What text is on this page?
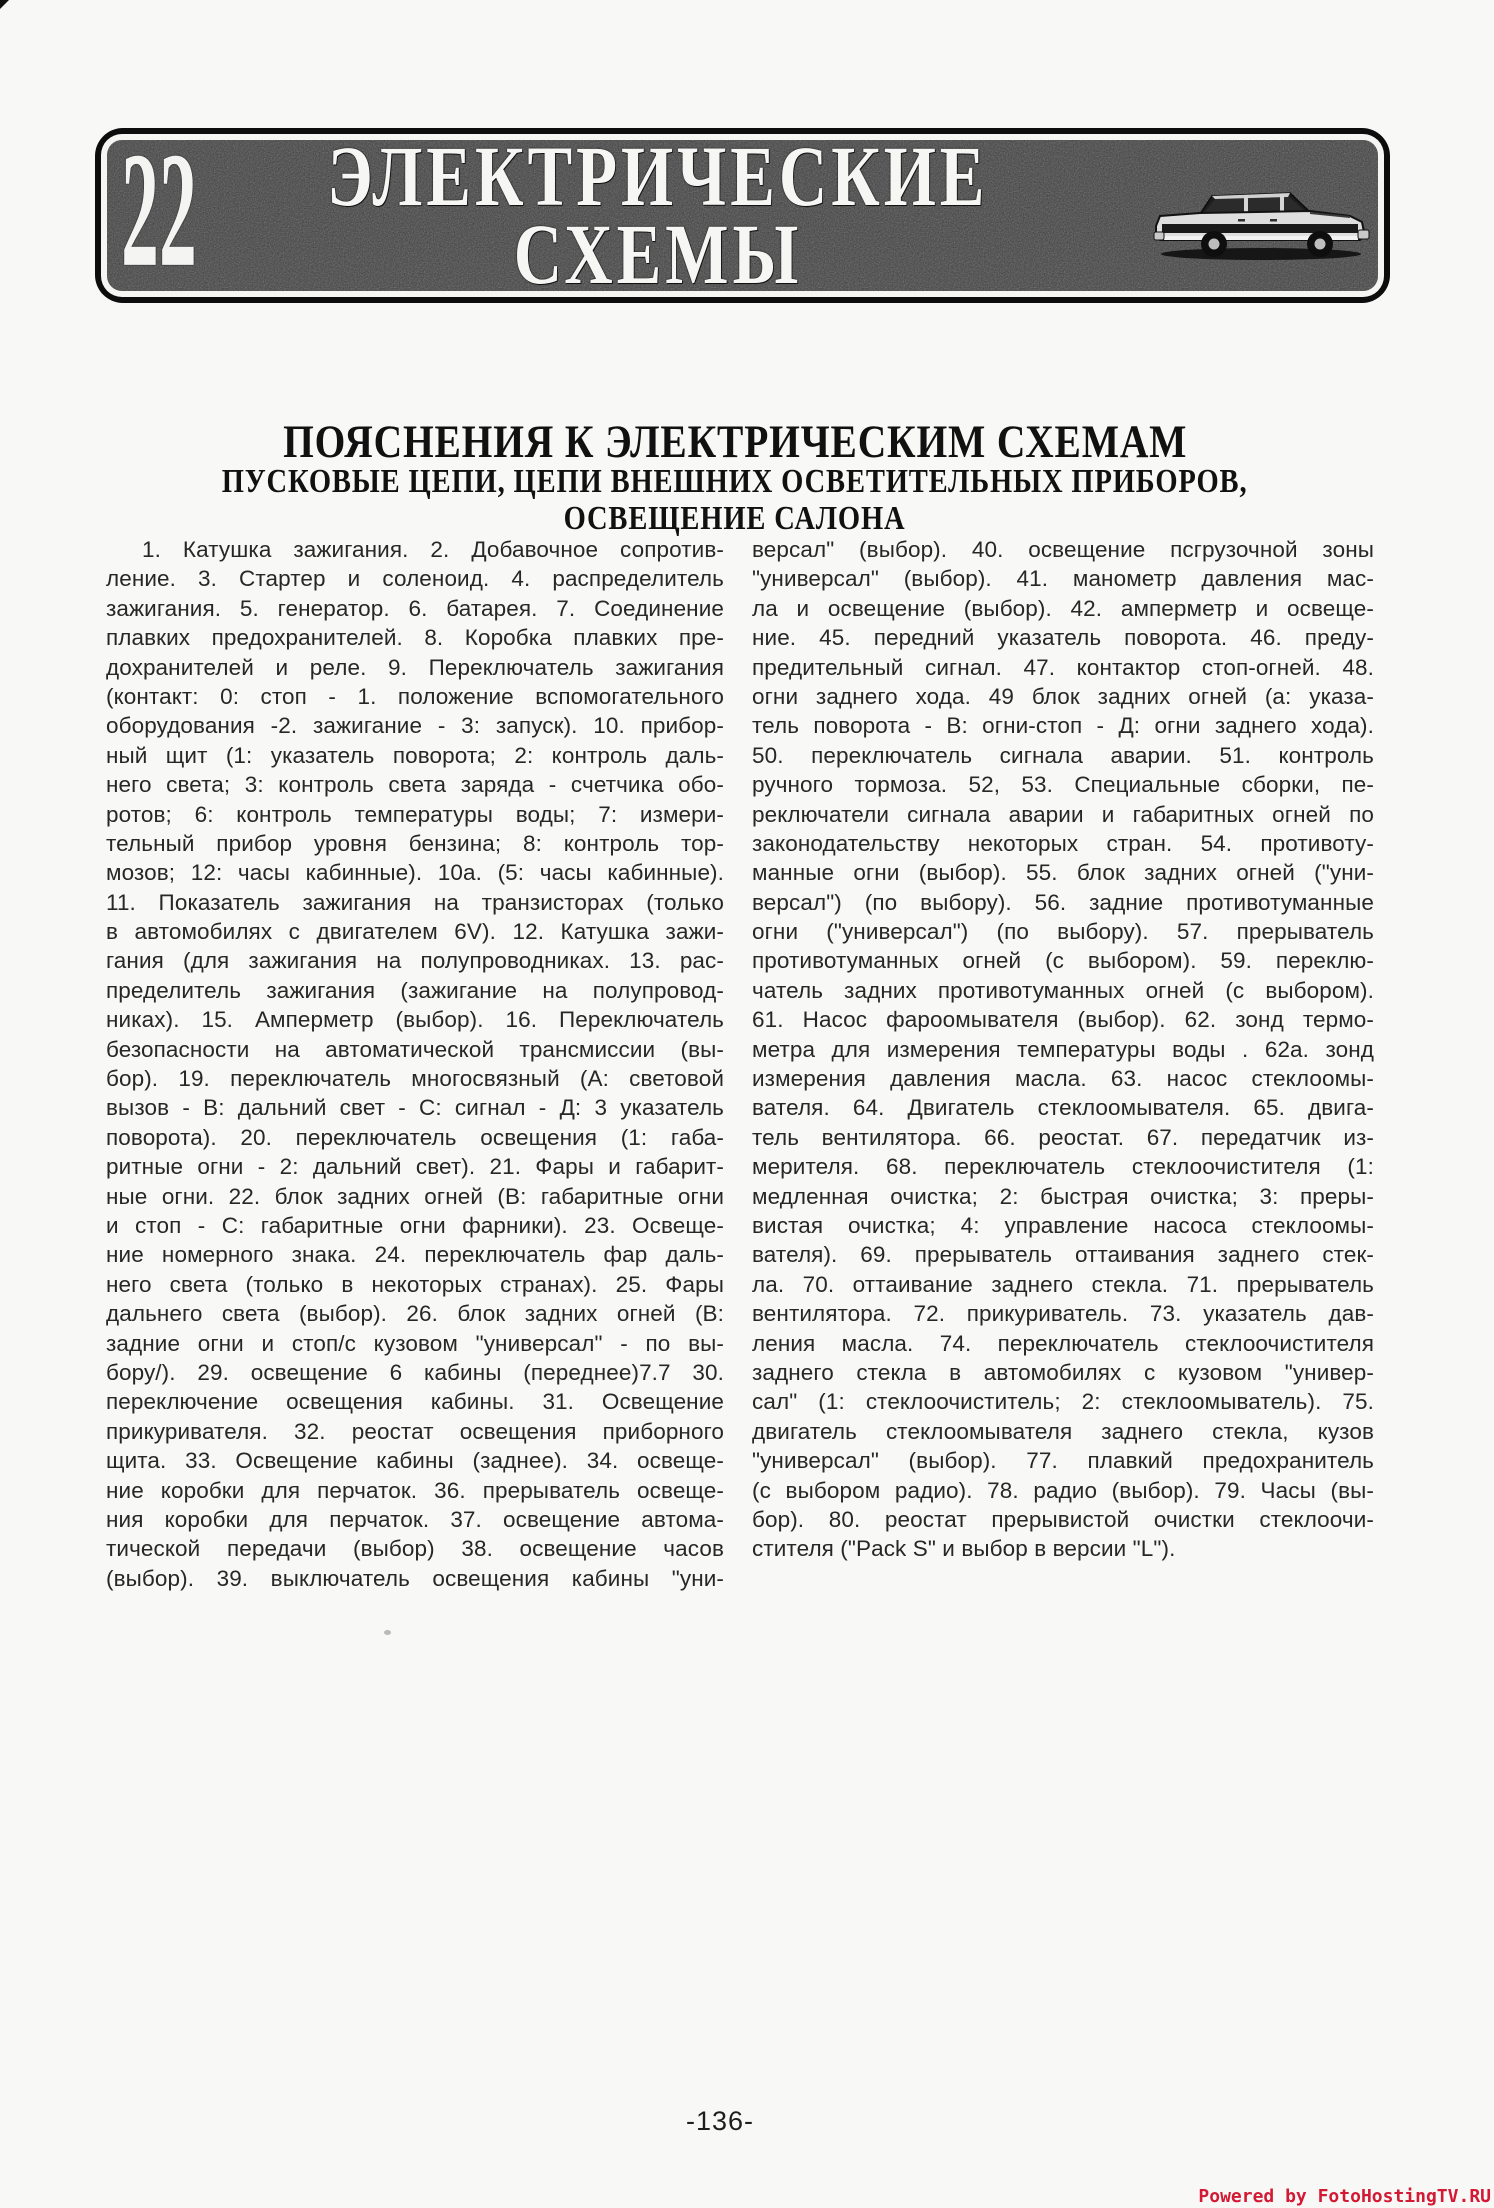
22 ЭЛЕКТРИЧЕСКИЕ
СХЕМЫ
ПОЯСНЕНИЯ К ЭЛЕКТРИЧЕСКИМ СХЕМАМ
ПУСКОВЫЕ ЦЕПИ, ЦЕПИ ВНЕШНИХ ОСВЕТИТЕЛЬНЫХ ПРИБОРОВ,
ОСВЕЩЕНИЕ САЛОНА
1. Катушка зажигания. 2. Добавочное сопротив-
ление. 3. Стартер и соленоид. 4. распределитель
зажигания. 5. генератор. 6. батарея. 7. Соединение
плавких предохранителей. 8. Коробка плавких пре-
дохранителей и реле. 9. Переключатель зажигания
(контакт: 0: стоп - 1. положение вспомогательного
оборудования -2. зажигание - 3: запуск). 10. прибор-
ный щит (1: указатель поворота; 2: контроль даль-
него света; 3: контроль света заряда - счетчика обо-
ротов; 6: контроль температуры воды; 7: измери-
тельный прибор уровня бензина; 8: контроль тор-
мозов; 12: часы кабинные). 10а. (5: часы кабинные).
11. Показатель зажигания на транзисторах (только
в автомобилях с двигателем 6V). 12. Катушка зажи-
гания (для зажигания на полупроводниках. 13. рас-
пределитель зажигания (зажигание на полупровод-
никах). 15. Амперметр (выбор). 16. Переключатель
безопасности на автоматической трансмиссии (вы-
бор). 19. переключатель многосвязный (А: световой
вызов - В: дальний свет - С: сигнал - Д: 3 указатель
поворота). 20. переключатель освещения (1: габа-
ритные огни - 2: дальний свет). 21. Фары и габарит-
ные огни. 22. блок задних огней (В: габаритные огни
и стоп - С: габаритные огни фарники). 23. Освеще-
ние номерного знака. 24. переключатель фар даль-
него света (только в некоторых странах). 25. Фары
дальнего света (выбор). 26. блок задних огней (В:
задние огни и стоп/с кузовом "универсал" - по вы-
бору/). 29. освещение 6 кабины (переднее)7.7 30.
переключение освещения кабины. 31. Освещение
прикуривателя. 32. реостат освещения приборного
щита. 33. Освещение кабины (заднее). 34. освеще-
ние коробки для перчаток. 36. прерыватель освеще-
ния коробки для перчаток. 37. освещение автома-
тической передачи (выбор) 38. освещение часов
(выбор). 39. выключатель освещения кабины "уни-
версал" (выбор). 40. освещение псгрузочной зоны
"универсал" (выбор). 41. манометр давления мас-
ла и освещение (выбор). 42. амперметр и освеще-
ние. 45. передний указатель поворота. 46. преду-
предительный сигнал. 47. контактор стоп-огней. 48.
огни заднего хода. 49 блок задних огней (а: указа-
тель поворота - В: огни-стоп - Д: огни заднего хода).
50. переключатель сигнала аварии. 51. контроль
ручного тормоза. 52, 53. Специальные сборки, пе-
реключатели сигнала аварии и габаритных огней по
законодательству некоторых стран. 54. противоту-
манные огни (выбор). 55. блок задних огней ("уни-
версал") (по выбору). 56. задние противотуманные
огни ("универсал") (по выбору). 57. прерыватель
противотуманных огней (с выбором). 59. переклю-
чатель задних противотуманных огней (с выбором).
61. Насос фароомывателя (выбор). 62. зонд термо-
метра для измерения температуры воды . 62а. зонд
измерения давления масла. 63. насос стеклоомы-
вателя. 64. Двигатель стеклоомывателя. 65. двига-
тель вентилятора. 66. реостат. 67. передатчик из-
мерителя. 68. переключатель стеклоочистителя (1:
медленная очистка; 2: быстрая очистка; 3: преры-
вистая очистка; 4: управление насоса стеклоомы-
вателя). 69. прерыватель оттаивания заднего стек-
ла. 70. оттаивание заднего стекла. 71. прерыватель
вентилятора. 72. прикуриватель. 73. указатель дав-
ления масла. 74. переключатель стеклоочистителя
заднего стекла в автомобилях с кузовом "универ-
сал" (1: стеклоочиститель; 2: стеклоомыватель). 75.
двигатель стеклоомывателя заднего стекла, кузов
"универсал" (выбор). 77. плавкий предохранитель
(с выбором радио). 78. радио (выбор). 79. Часы (вы-
бор). 80. реостат прерывистой очистки стеклоочи-
стителя ("Pack S" и выбор в версии "L").
-136-
Powered by FotoHostingTV.RU
